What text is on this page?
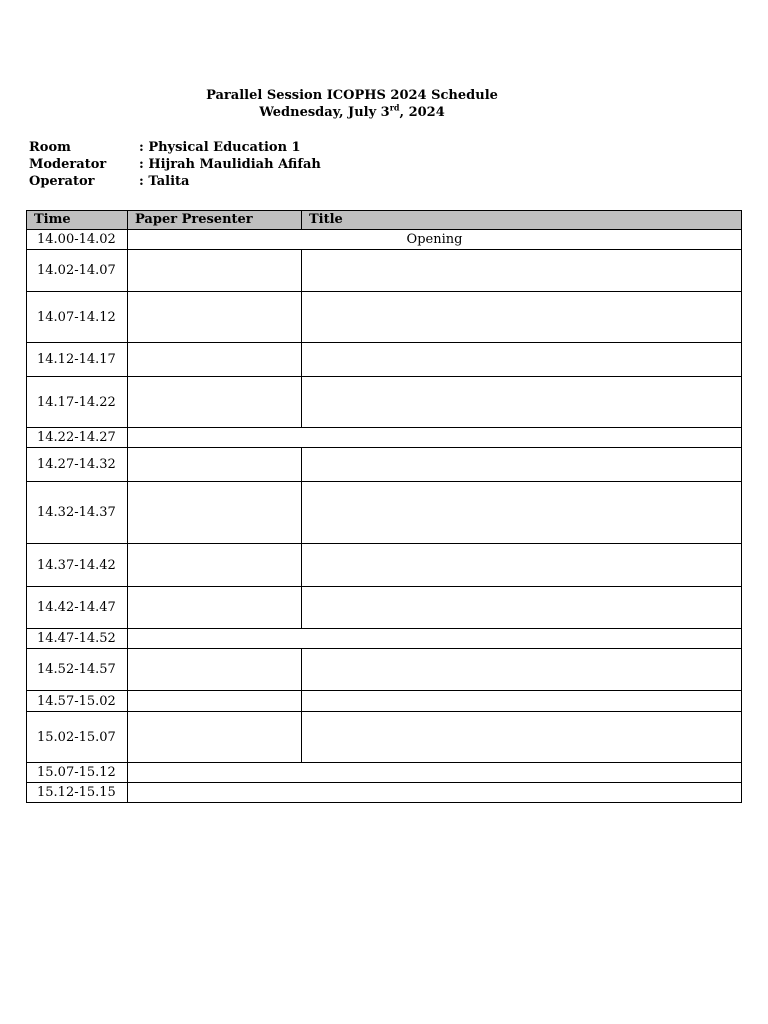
Parallel Session ICOPHS 2024 Schedule
Wednesday, July 3rd, 2024
Room	: Physical Education 1
Moderator	: Hijrah Maulidiah Afifah
Operator	: Talita
Time	Paper Presenter	Title
14.00-14.02	Opening	
14.02-14.07		
14.07-14.12		
14.12-14.17		
14.17-14.22		
14.22-14.27		
14.27-14.32		
14.32-14.37		
14.37-14.42		
14.42-14.47		
14.47-14.52		
14.52-14.57		
14.57-15.02		
15.02-15.07		
15.07-15.12		
15.12-15.15		
